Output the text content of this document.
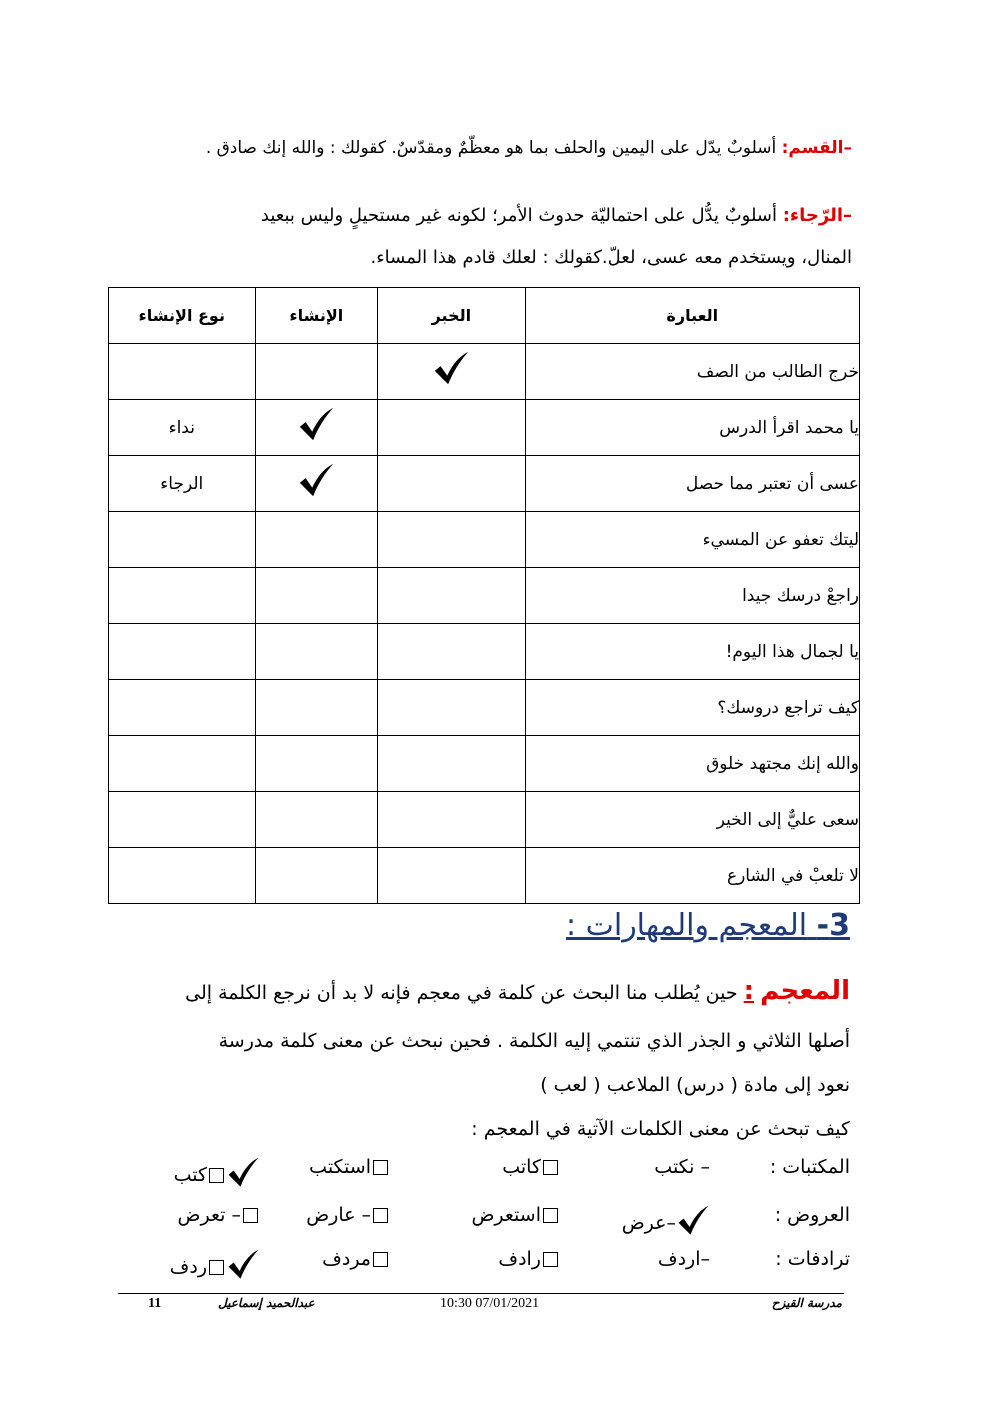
–القسم: أسلوبٌ يدّل على اليمين والحلف بما هو معظّمٌ ومقدّسٌ. كقولك : والله إنك صادق .
–الرّجاء: أسلوبٌ يدُّل على احتماليّة حدوث الأمر؛ لكونه غير مستحيلٍ وليس ببعيد
المنال، ويستخدم معه عسى، لعلّ.كقولك : لعلك قادم هذا المساء.
العبارة	الخبر	الإنشاء	نوع الإنشاء
خرج الطالب من الصف			
يا محمد اقرأ الدرس			نداء
عسى أن تعتبر مما حصل			الرجاء
ليتك تعفو عن المسيء			
راجعْ درسك جيدا			
يا لجمال هذا اليوم!			
كيف تراجع دروسك؟			
والله إنك مجتهد خلوق			
سعى عليٌّ إلى الخير			
لا تلعبْ في الشارع			
3- المعجم والمهارات :
المعجم : حين يُطلب منا البحث عن كلمة في معجم فإنه لا بد أن نرجع الكلمة إلى
أصلها الثلاثي و الجذر الذي تنتمي إليه الكلمة . فحين نبحث عن معنى كلمة مدرسة
نعود إلى مادة ( درس) الملاعب ( لعب )
كيف تبحث عن معنى الكلمات الآتية في المعجم :
المكتبات :
– نكتب
كاتب
استكتب
كتب
العروض :
–عرض
استعرض
– عارض
– تعرض
ترادفات :
–اردف
رادف
مردف
ردف
11	عبدالحميد إسماعيل	10:30 07/01/2021	مدرسة القيزح
